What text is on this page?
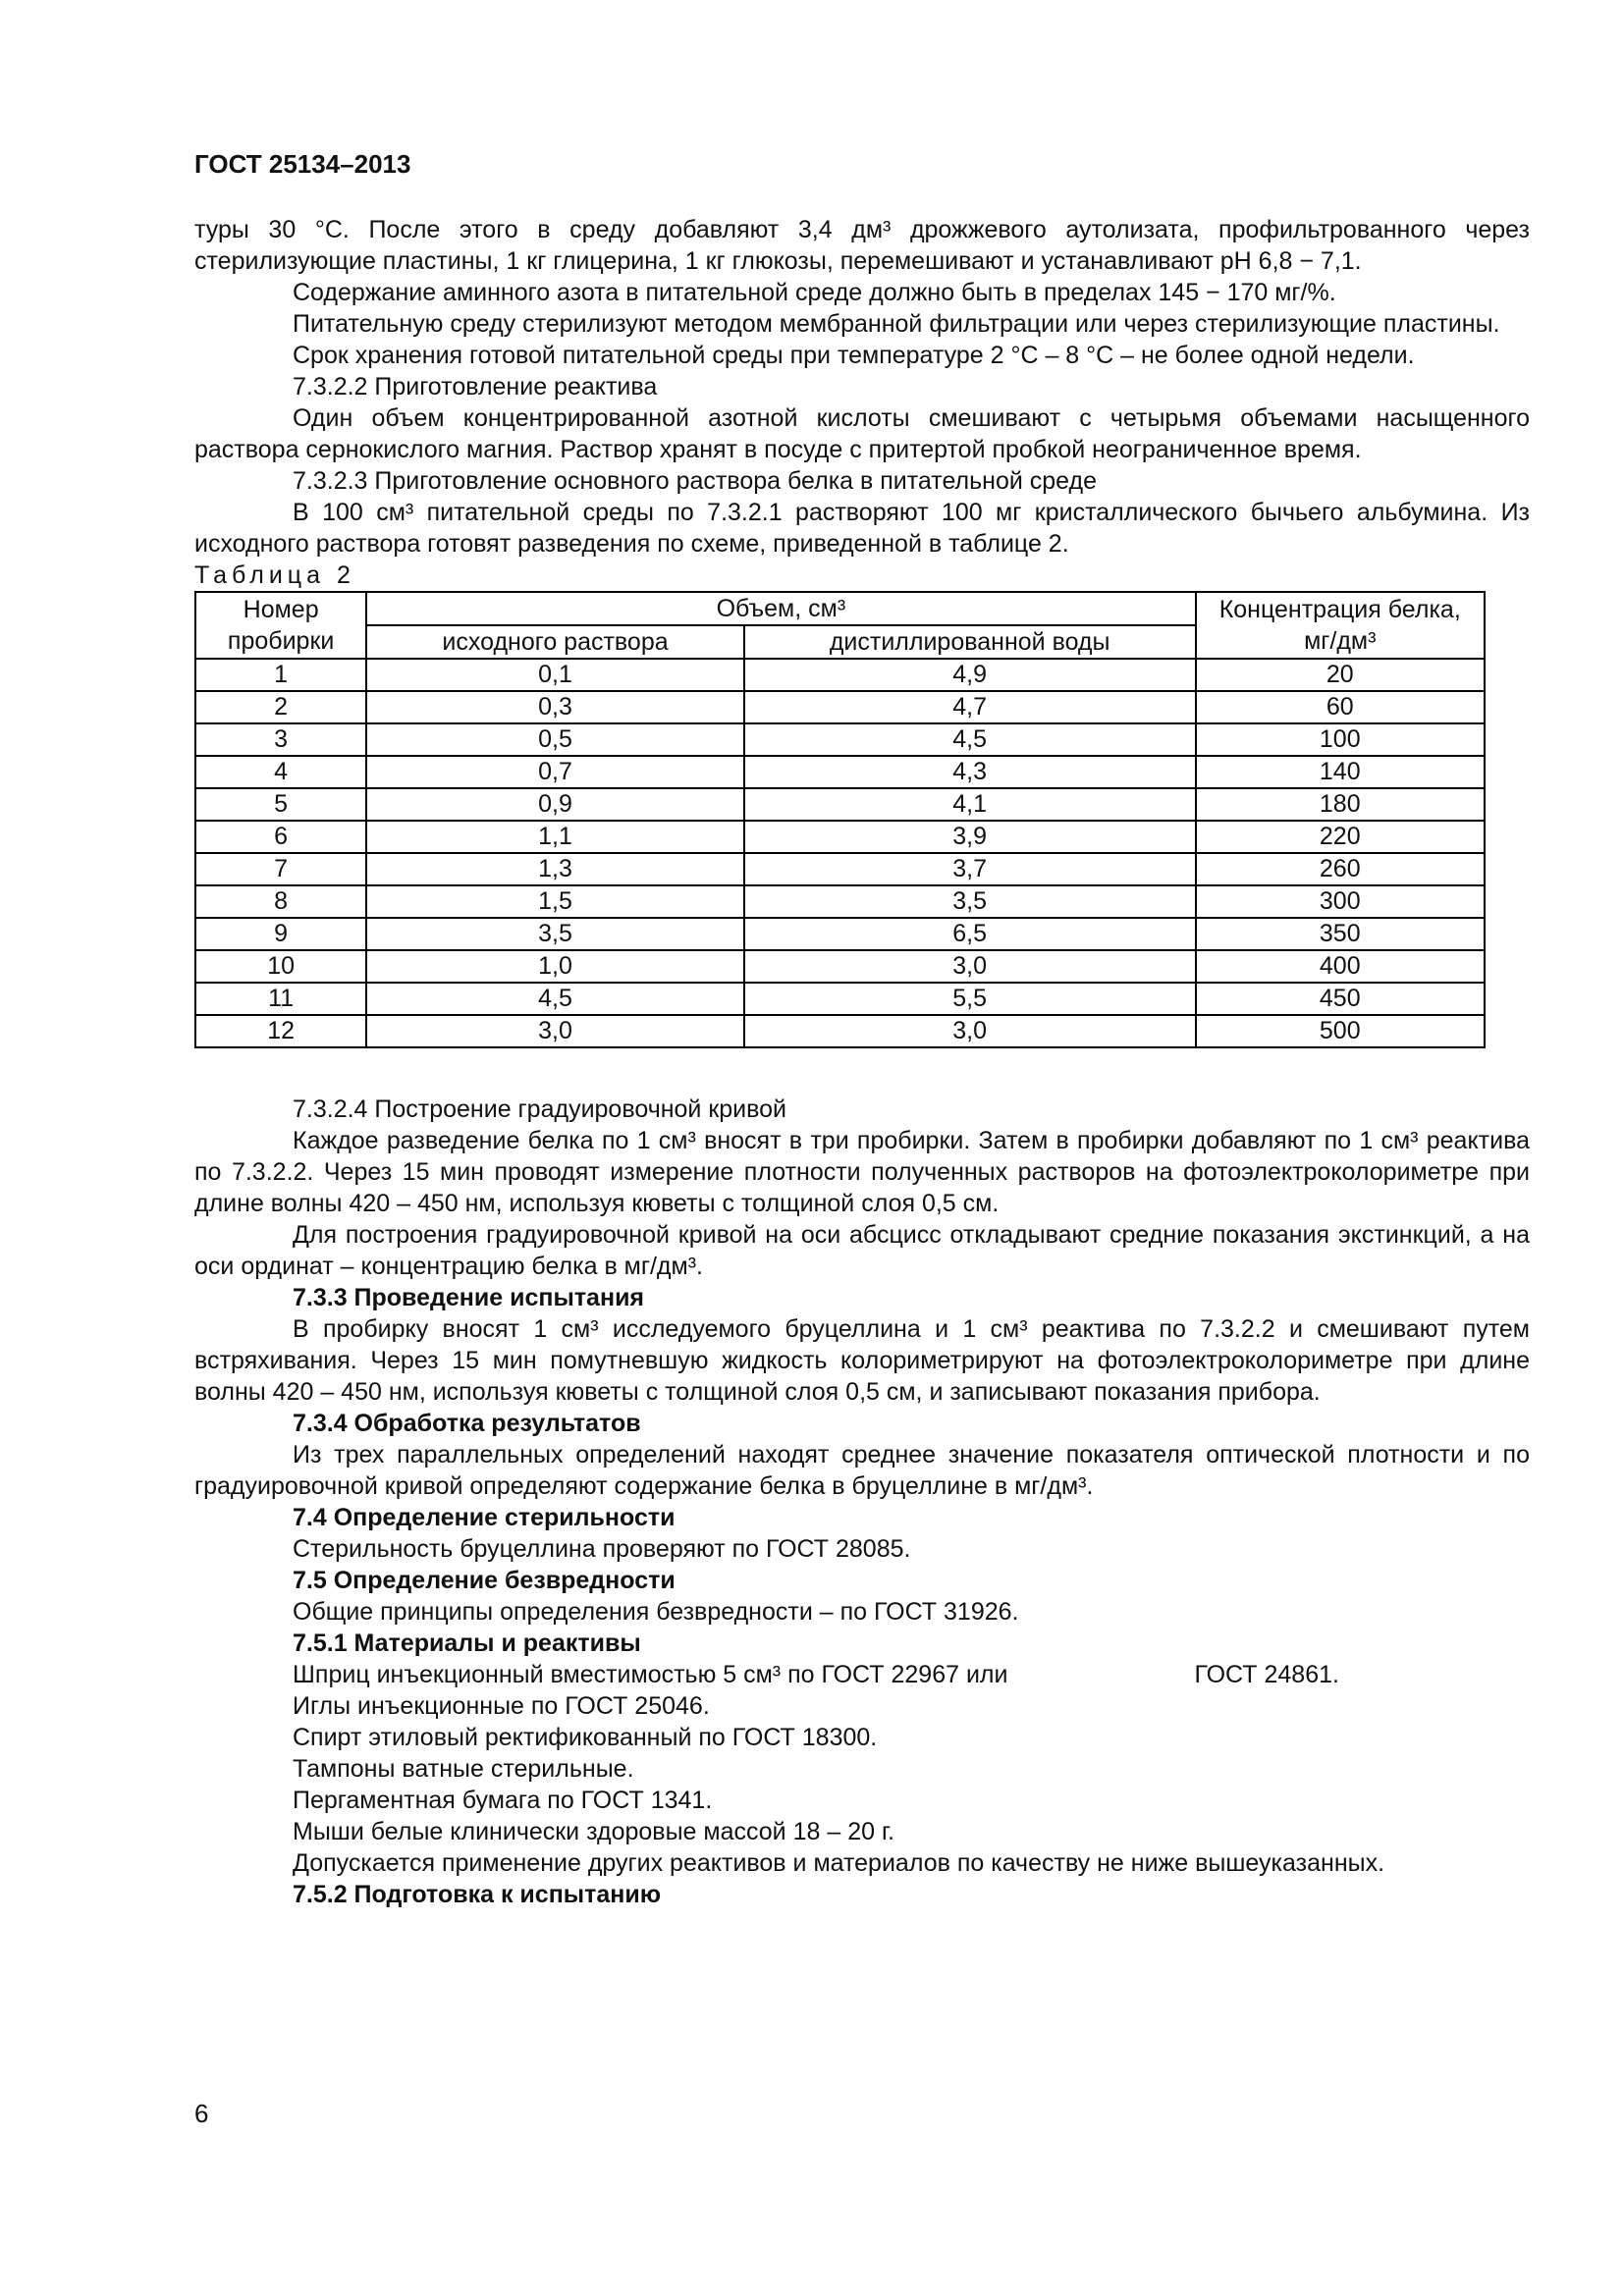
ГОСТ 25134–2013

туры 30 °С. После этого в среду добавляют 3,4 дм³ дрожжевого аутолизата, профильтрованного через стерилизующие пластины, 1 кг глицерина, 1 кг глюкозы, перемешивают и устанавливают рН 6,8 − 7,1.

Содержание аминного азота в питательной среде должно быть в пределах 145 − 170 мг/%.

Питательную среду стерилизуют методом мембранной фильтрации или через стерилизующие пластины.

Срок хранения готовой питательной среды при температуре 2 °С – 8 °С – не более одной недели.

7.3.2.2 Приготовление реактива

Один объем концентрированной азотной кислоты смешивают с четырьмя объемами насыщенного раствора сернокислого магния. Раствор хранят в посуде с притертой пробкой неограниченное время.

7.3.2.3 Приготовление основного раствора белка в питательной среде

В 100 см³ питательной среды по 7.3.2.1 растворяют 100 мг кристаллического бычьего альбумина. Из исходного раствора готовят разведения по схеме, приведенной в таблице 2.

Таблица 2

Номер пробирки	Объем, см³		Концентрация белка, мг/дм³
	исходного раствора	дистиллированной воды	
1	0,1	4,9	20
2	0,3	4,7	60
3	0,5	4,5	100
4	0,7	4,3	140
5	0,9	4,1	180
6	1,1	3,9	220
7	1,3	3,7	260
8	1,5	3,5	300
9	3,5	6,5	350
10	1,0	3,0	400
11	4,5	5,5	450
12	3,0	3,0	500

7.3.2.4 Построение градуировочной кривой

Каждое разведение белка по 1 см³ вносят в три пробирки. Затем в пробирки добавляют по 1 см³ реактива по 7.3.2.2. Через 15 мин проводят измерение плотности полученных растворов на фотоэлектроколориметре при длине волны 420 – 450 нм, используя кюветы с толщиной слоя 0,5 см.

Для построения градуировочной кривой на оси абсцисс откладывают средние показания экстинкций, а на оси ординат – концентрацию белка в мг/дм³.

7.3.3 Проведение испытания

В пробирку вносят 1 см³ исследуемого бруцеллина и 1 см³ реактива по 7.3.2.2 и смешивают путем встряхивания. Через 15 мин помутневшую жидкость колориметрируют на фотоэлектроколориметре при длине волны 420 – 450 нм, используя кюветы с толщиной слоя 0,5 см, и записывают показания прибора.

7.3.4 Обработка результатов

Из трех параллельных определений находят среднее значение показателя оптической плотности и по градуировочной кривой определяют содержание белка в бруцеллине в мг/дм³.

7.4 Определение стерильности

Стерильность бруцеллина проверяют по ГОСТ 28085.

7.5 Определение безвредности

Общие принципы определения безвредности – по ГОСТ 31926.

7.5.1 Материалы и реактивы

Шприц инъекционный вместимостью 5 см³ по ГОСТ 22967 или	ГОСТ 24861.

Иглы инъекционные по ГОСТ 25046.

Спирт этиловый ректификованный по ГОСТ 18300.

Тампоны ватные стерильные.

Пергаментная бумага по ГОСТ 1341.

Мыши белые клинически здоровые массой 18 – 20 г.

Допускается применение других реактивов и материалов по качеству не ниже вышеуказанных.

7.5.2 Подготовка к испытанию

6
